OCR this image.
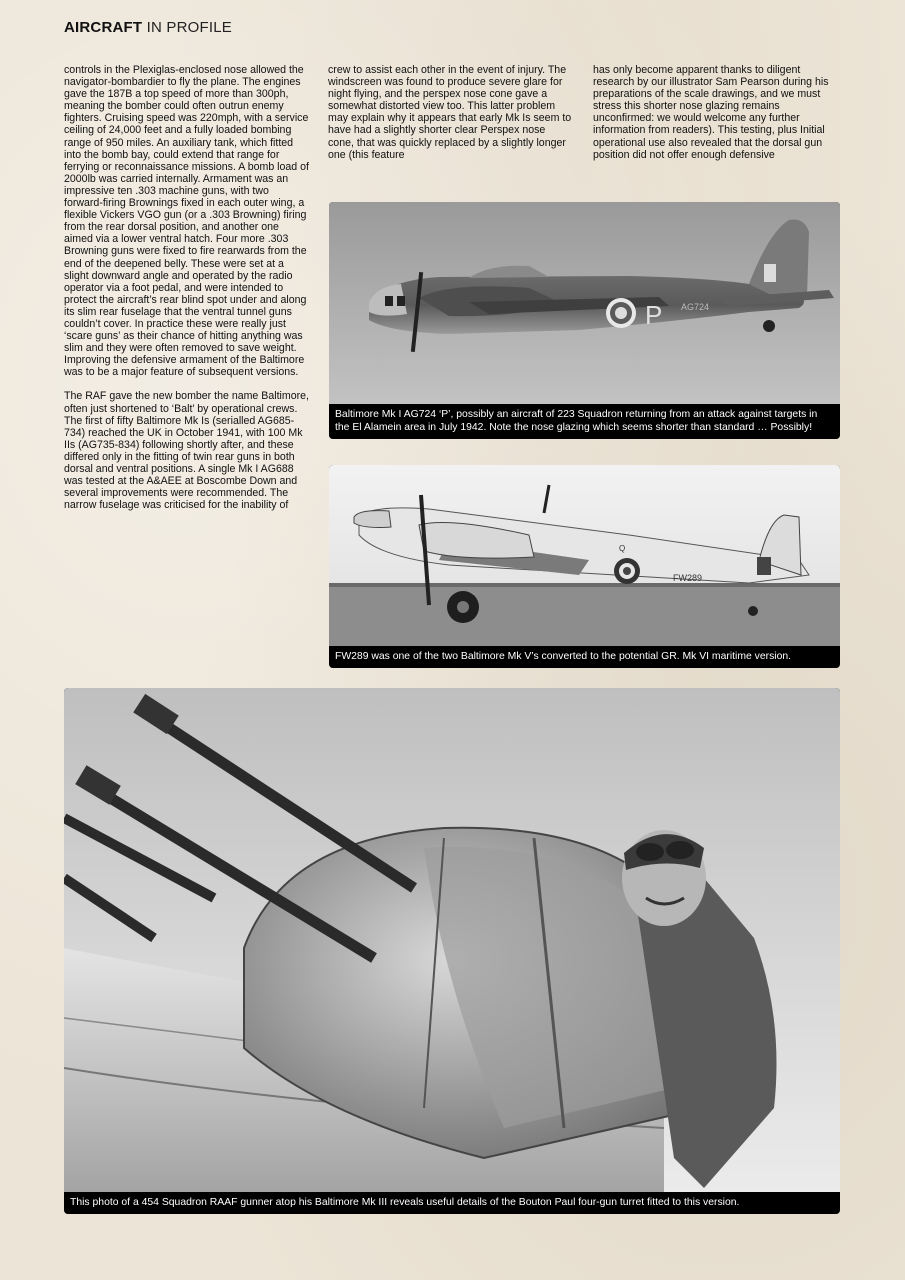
AIRCRAFT IN PROFILE

controls in the Plexiglas-enclosed nose allowed the navigator-bombardier to fly the plane. The engines gave the 187B a top speed of more than 300ph, meaning the bomber could often outrun enemy fighters. Cruising speed was 220mph, with a service ceiling of 24,000 feet and a fully loaded bombing range of 950 miles. An auxiliary tank, which fitted into the bomb bay, could extend that range for ferrying or reconnaissance missions. A bomb load of 2000lb was carried internally. Armament was an impressive ten .303 machine guns, with two forward-firing Brownings fixed in each outer wing, a flexible Vickers VGO gun (or a .303 Browning) firing from the rear dorsal position, and another one aimed via a lower ventral hatch. Four more .303 Browning guns were fixed to fire rearwards from the end of the deepened belly. These were set at a slight downward angle and operated by the radio operator via a foot pedal, and were intended to protect the aircraft’s rear blind spot under and along its slim rear fuselage that the ventral tunnel guns couldn’t cover. In practice these were really just ‘scare guns’ as their chance of hitting anything was slim and they were often removed to save weight. Improving the defensive armament of the Baltimore was to be a major feature of subsequent versions.

The RAF gave the new bomber the name Baltimore, often just shortened to ‘Balt’ by operational crews. The first of fifty Baltimore Mk Is (serialled AG685-734) reached the UK in October 1941, with 100 Mk IIs (AG735-834) following shortly after, and these differed only in the fitting of twin rear guns in both dorsal and ventral positions. A single Mk I AG688 was tested at the A&AEE at Boscombe Down and several improvements were recommended. The narrow fuselage was criticised for the inability of

crew to assist each other in the event of injury. The windscreen was found to produce severe glare for night flying, and the perspex nose cone gave a somewhat distorted view too. This latter problem may explain why it appears that early Mk Is seem to have had a slightly shorter clear Perspex nose cone, that was quickly replaced by a slightly longer one (this feature

has only become apparent thanks to diligent research by our illustrator Sam Pearson during his preparations of the scale drawings, and we must stress this shorter nose glazing remains unconfirmed: we would welcome any further information from readers). This testing, plus Initial operational use also revealed that the dorsal gun position did not offer enough defensive

P AG724
Baltimore Mk I AG724 ‘P’, possibly an aircraft of 223 Squadron returning from an attack against targets in the El Alamein area in July 1942. Note the nose glazing which seems shorter than standard … Possibly!
Q
FW289
FW289 was one of the two Baltimore Mk V’s converted to the potential GR. Mk VI maritime version.
This photo of a 454 Squadron RAAF gunner atop his Baltimore Mk III reveals useful details of the Bouton Paul four-gun turret fitted to this version.
